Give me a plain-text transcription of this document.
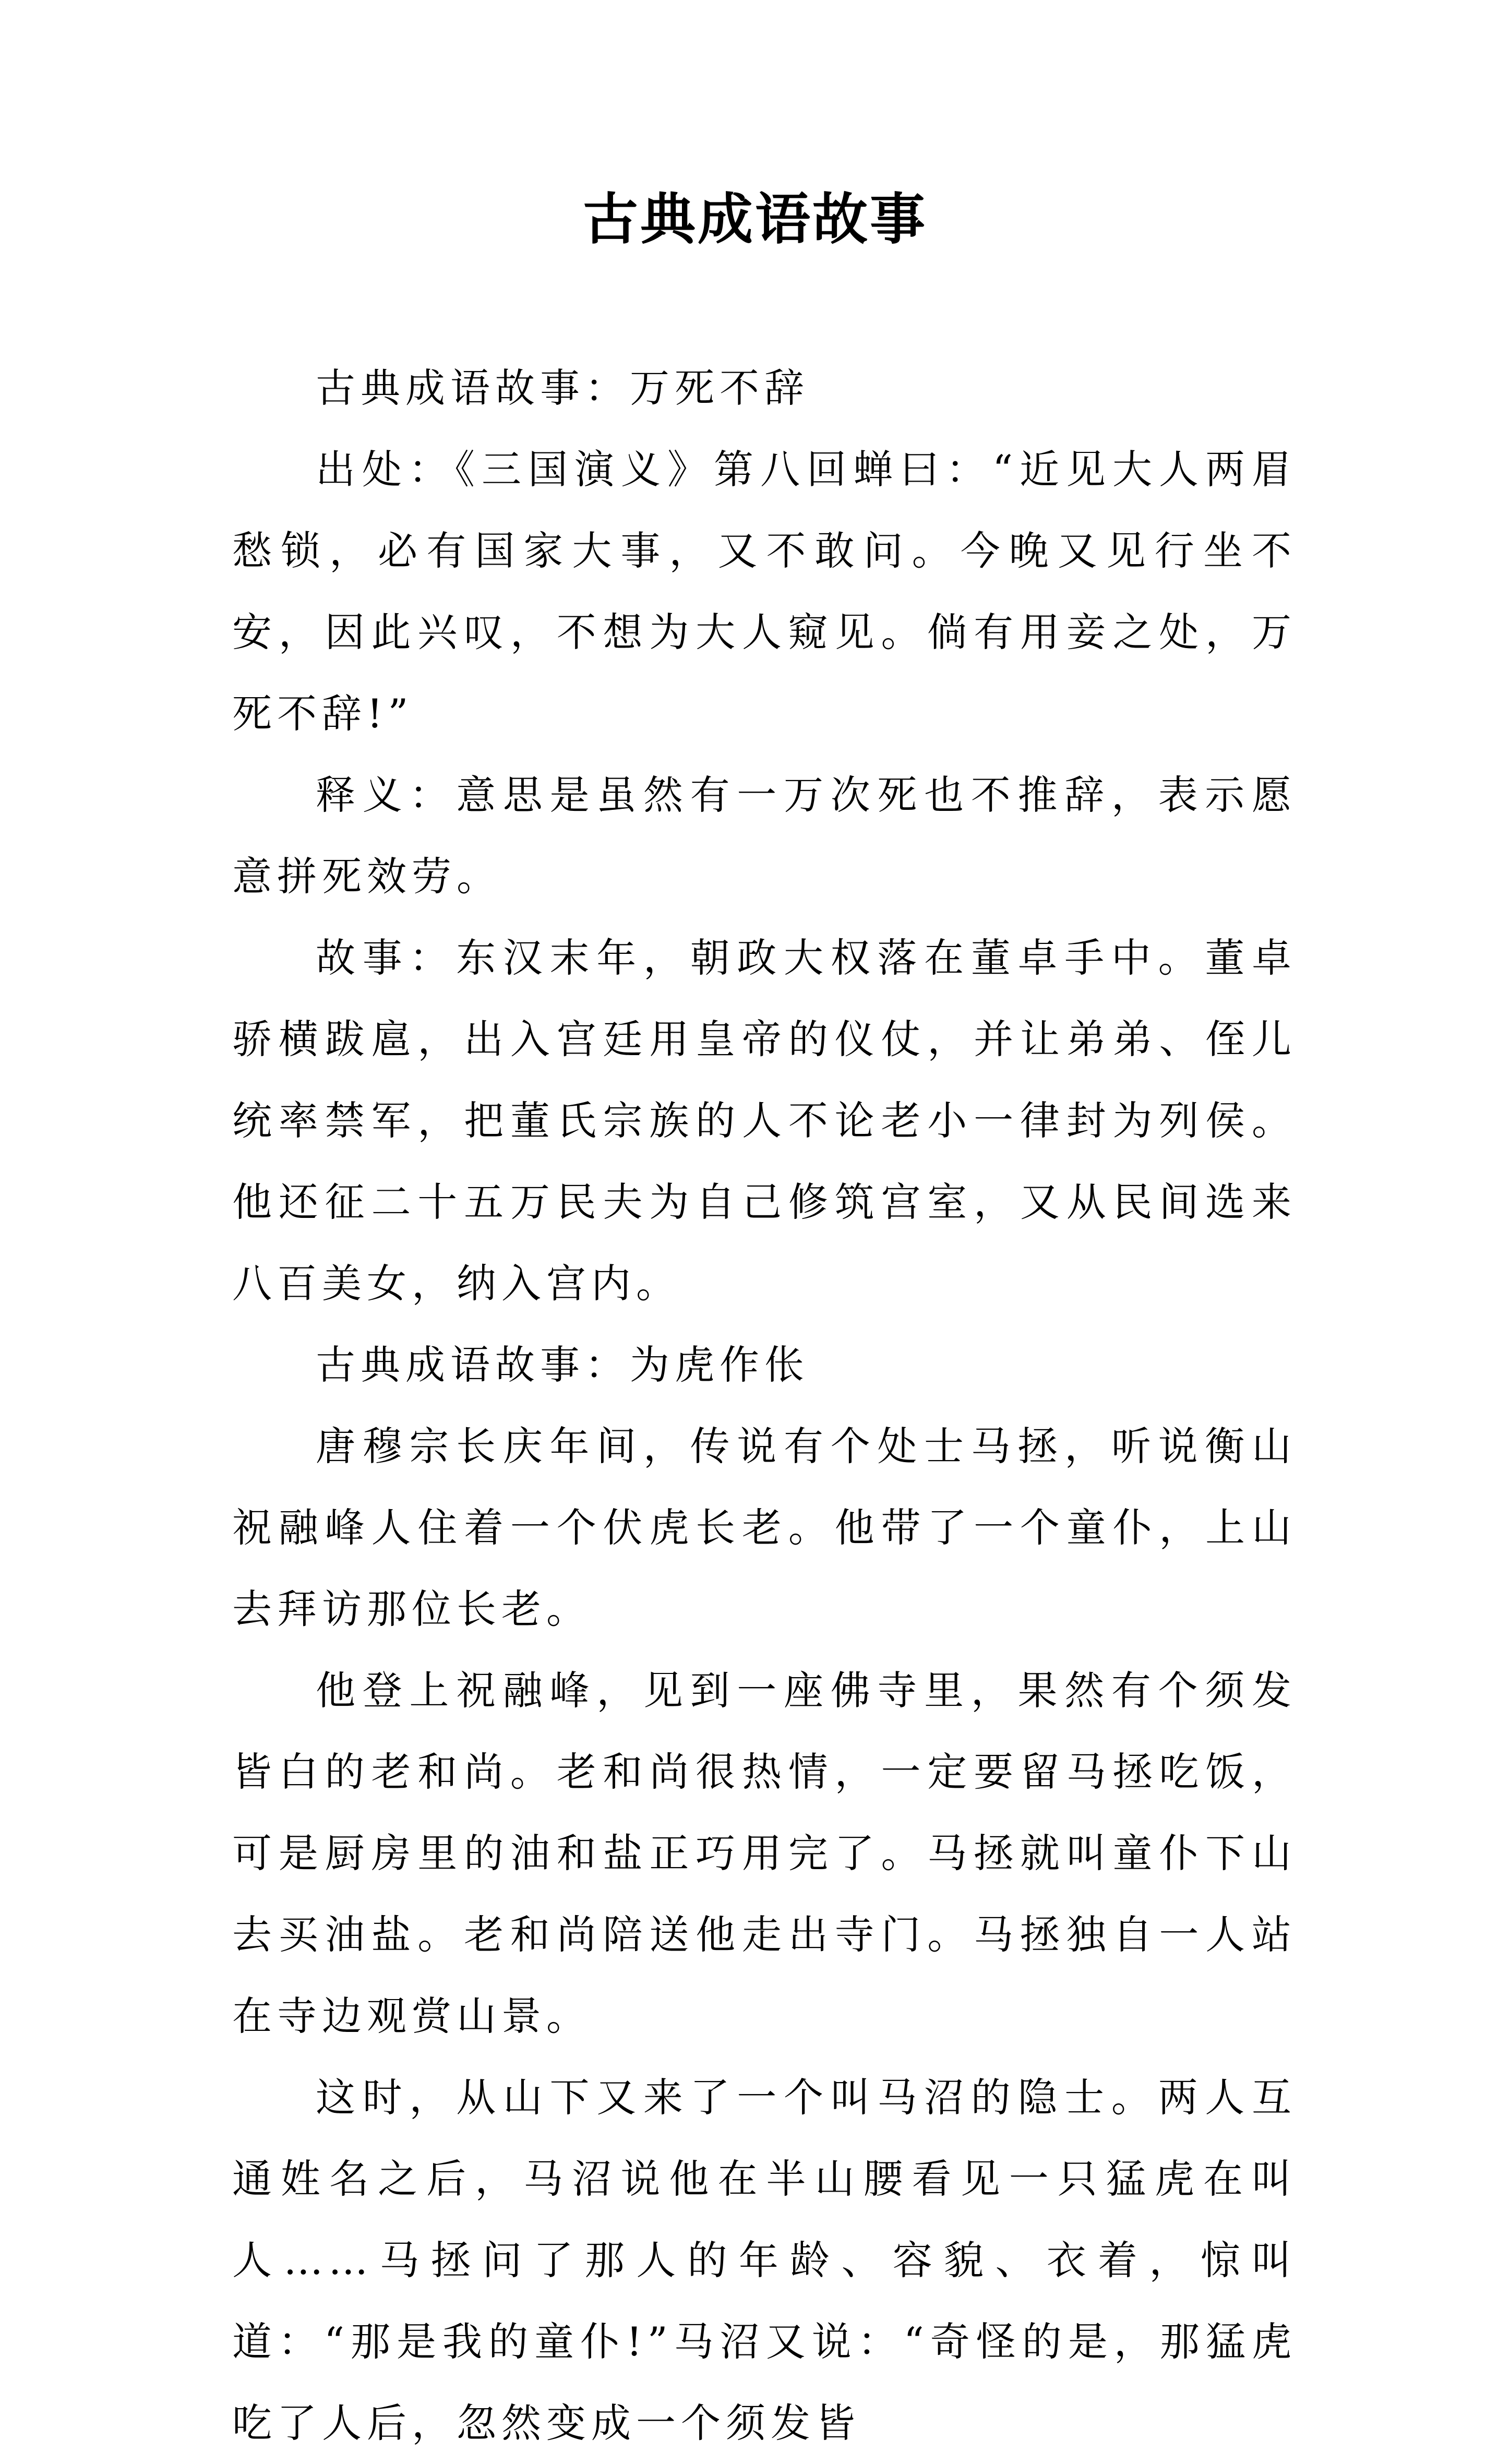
古典成语故事

古典成语故事：万死不辞

出处：《三国演义》第八回蝉曰：“近见大人两眉愁锁，必有国家大事，又不敢问。今晚又见行坐不安，因此兴叹，不想为大人窥见。倘有用妾之处，万死不辞!”

释义：意思是虽然有一万次死也不推辞，表示愿意拼死效劳。

故事：东汉末年，朝政大权落在董卓手中。董卓骄横跋扈，出入宫廷用皇帝的仪仗，并让弟弟、侄儿统率禁军，把董氏宗族的人不论老小一律封为列侯。他还征二十五万民夫为自己修筑宫室，又从民间选来八百美女，纳入宫内。

古典成语故事：为虎作伥

唐穆宗长庆年间，传说有个处士马拯，听说衡山祝融峰人住着一个伏虎长老。他带了一个童仆，上山去拜访那位长老。

他登上祝融峰，见到一座佛寺里，果然有个须发皆白的老和尚。老和尚很热情，一定要留马拯吃饭，可是厨房里的油和盐正巧用完了。马拯就叫童仆下山去买油盐。老和尚陪送他走出寺门。马拯独自一人站在寺边观赏山景。

这时，从山下又来了一个叫马沼的隐士。两人互通姓名之后，马沼说他在半山腰看见一只猛虎在叫人……马拯问了那人的年龄、容貌、衣着，惊叫道：“那是我的童仆!”马沼又说：“奇怪的是，那猛虎吃了人后，忽然变成一个须发皆
